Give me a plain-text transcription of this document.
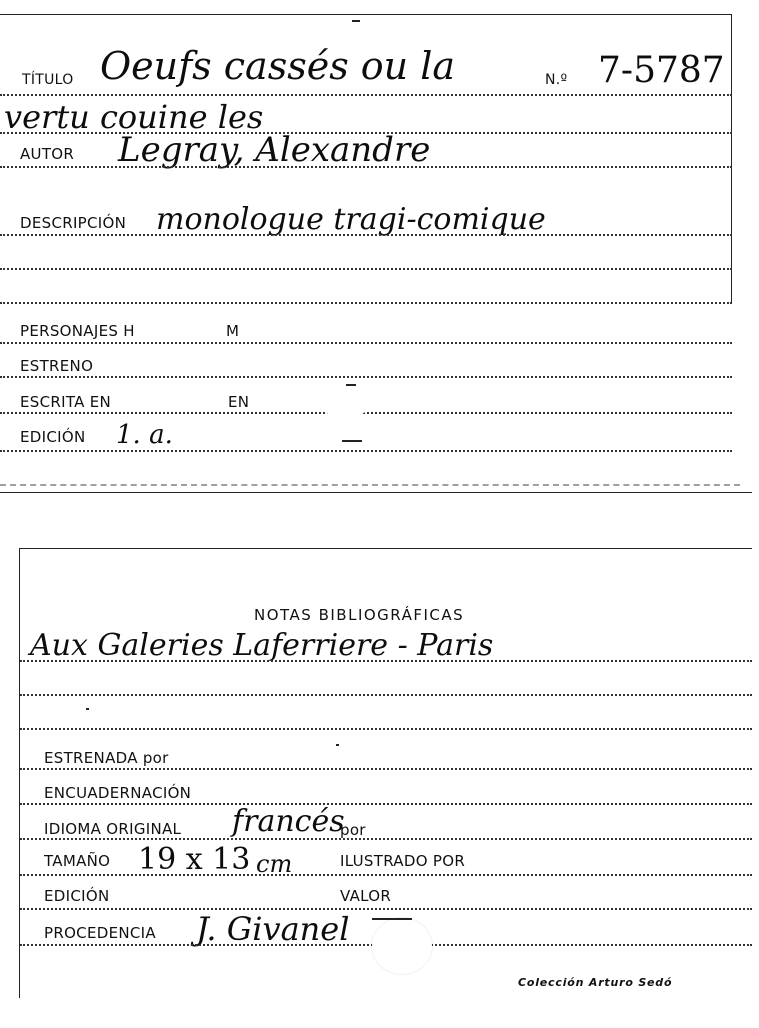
TÍTULO Oeufs cassés ou la	N.º 7-5787
vertu couine les
AUTOR Legray, Alexandre
DESCRIPCIÓN monologue tragi-comique
PERSONAJES H	M
ESTRENO
ESCRITA EN	EN
EDICIÓN 1. a.
NOTAS BIBLIOGRÁFICAS
Aux Galeries Laferriere - Paris
ESTRENADA por
ENCUADERNACIÓN
IDIOMA ORIGINAL francés
por
TAMAÑO 19 x 13 cm	ILUSTRADO POR
EDICIÓN	VALOR
PROCEDENCIA J. Givanel
Colección Arturo Sedó
